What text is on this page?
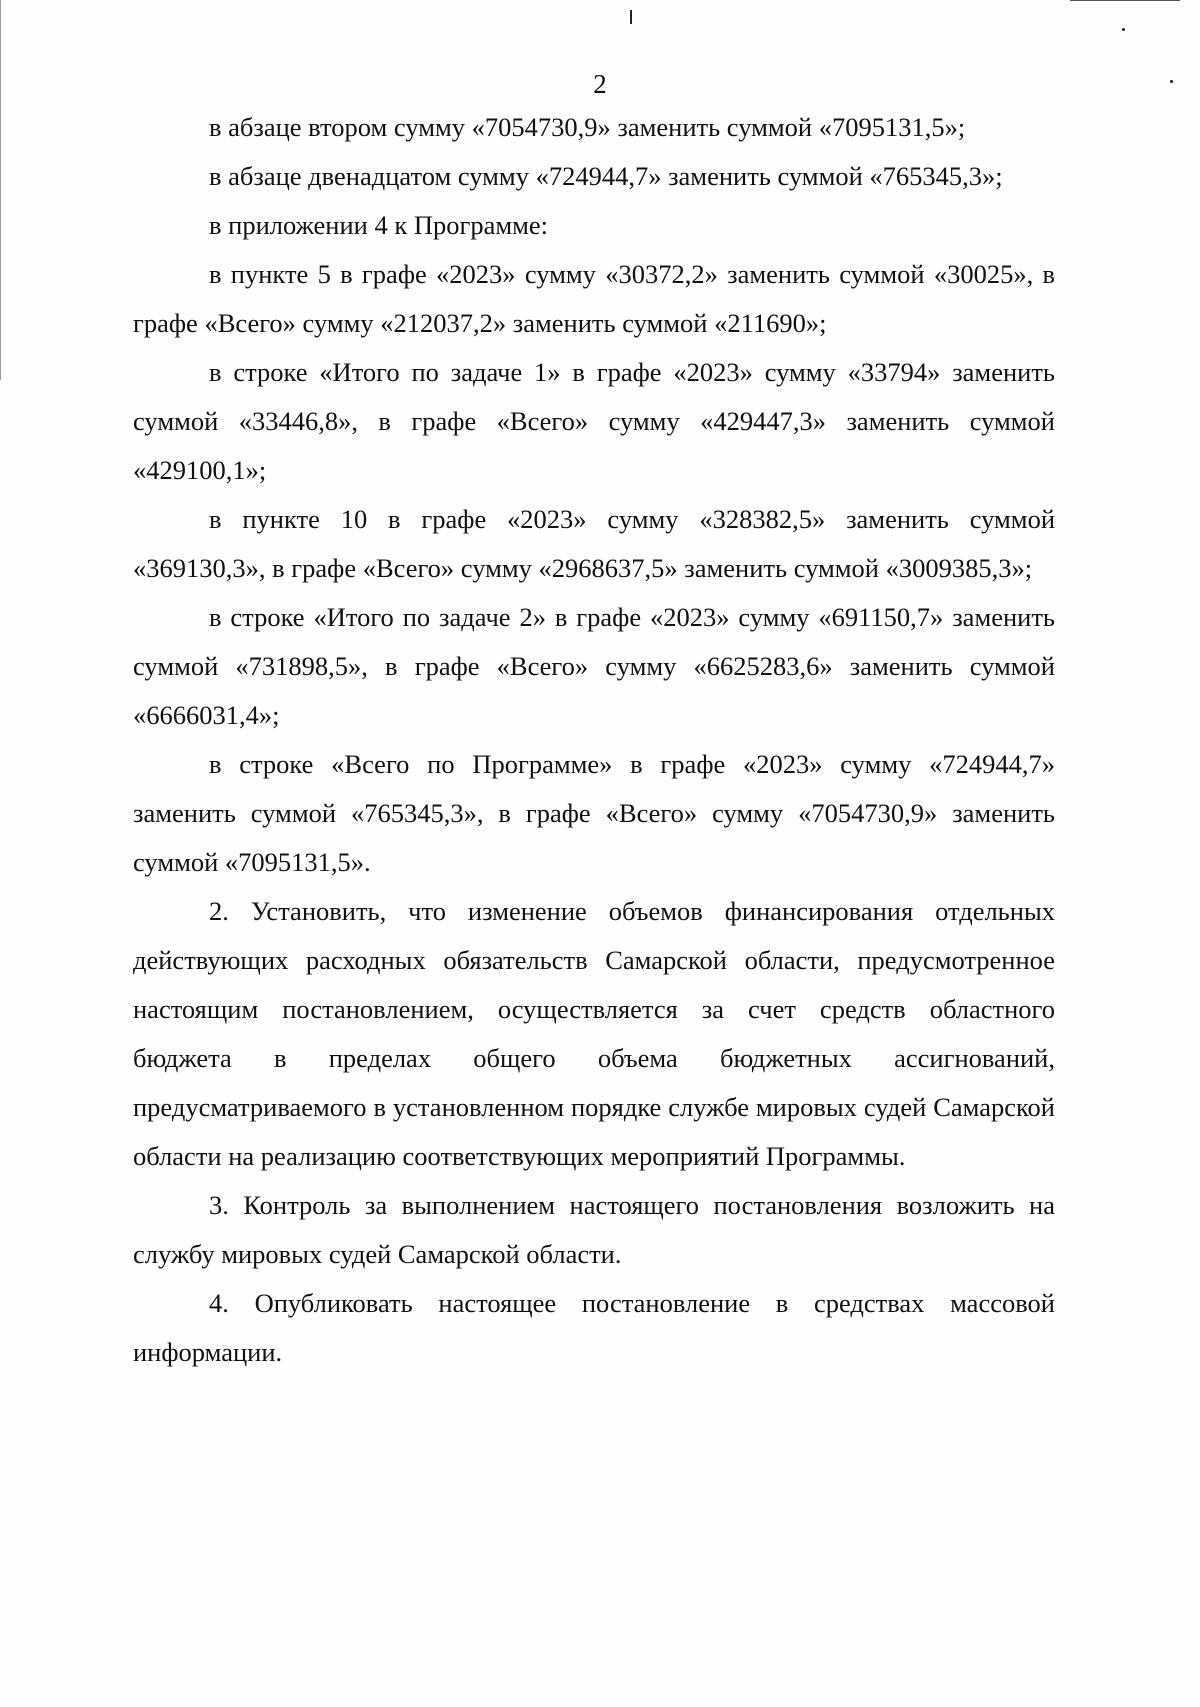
2

в абзаце втором сумму «7054730,9» заменить суммой «7095131,5»;

в абзаце двенадцатом сумму «724944,7» заменить суммой «765345,3»;

в приложении 4 к Программе:

в пункте 5 в графе «2023» сумму «30372,2» заменить суммой «30025», в графе «Всего» сумму «212037,2» заменить суммой «211690»;

в строке «Итого по задаче 1» в графе «2023» сумму «33794» заменить суммой «33446,8», в графе «Всего» сумму «429447,3» заменить суммой «429100,1»;

в пункте 10 в графе «2023» сумму «328382,5» заменить суммой «369130,3», в графе «Всего» сумму «2968637,5» заменить суммой «3009385,3»;

в строке «Итого по задаче 2» в графе «2023» сумму «691150,7» заменить суммой «731898,5», в графе «Всего» сумму «6625283,6» заменить суммой «6666031,4»;

в строке «Всего по Программе» в графе «2023» сумму «724944,7» заменить суммой «765345,3», в графе «Всего» сумму «7054730,9» заменить суммой «7095131,5».

2. Установить, что изменение объемов финансирования отдельных действующих расходных обязательств Самарской области, предусмотренное настоящим постановлением, осуществляется за счет средств областного бюджета в пределах общего объема бюджетных ассигнований, предусматриваемого в установленном порядке службе мировых судей Самарской области на реализацию соответствующих мероприятий Программы.

3. Контроль за выполнением настоящего постановления возложить на службу мировых судей Самарской области.

4. Опубликовать настоящее постановление в средствах массовой информации.
